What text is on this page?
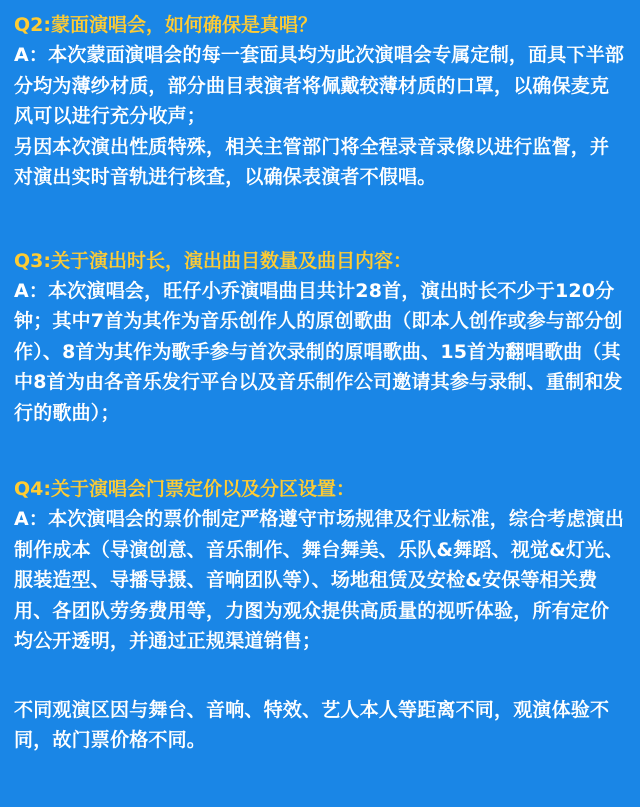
Q2:蒙面演唱会，如何确保是真唱？

A：本次蒙面演唱会的每一套面具均为此次演唱会专属定制，面具下半部分均为薄纱材质，部分曲目表演者将佩戴较薄材质的口罩，以确保麦克风可以进行充分收声；

另因本次演出性质特殊，相关主管部门将全程录音录像以进行监督，并对演出实时音轨进行核查，以确保表演者不假唱。

Q3:关于演出时长，演出曲目数量及曲目内容：

A：本次演唱会，旺仔小乔演唱曲目共计28首，演出时长不少于120分钟；其中7首为其作为音乐创作人的原创歌曲（即本人创作或参与部分创作）、8首为其作为歌手参与首次录制的原唱歌曲、15首为翻唱歌曲（其中8首为由各音乐发行平台以及音乐制作公司邀请其参与录制、重制和发行的歌曲）；

Q4:关于演唱会门票定价以及分区设置：

A：本次演唱会的票价制定严格遵守市场规律及行业标准，综合考虑演出制作成本（导演创意、音乐制作、舞台舞美、乐队&舞蹈、视觉&灯光、服装造型、导播导摄、音响团队等）、场地租赁及安检&安保等相关费用、各团队劳务费用等，力图为观众提供高质量的视听体验，所有定价均公开透明，并通过正规渠道销售；

不同观演区因与舞台、音响、特效、艺人本人等距离不同，观演体验不同，故门票价格不同。
